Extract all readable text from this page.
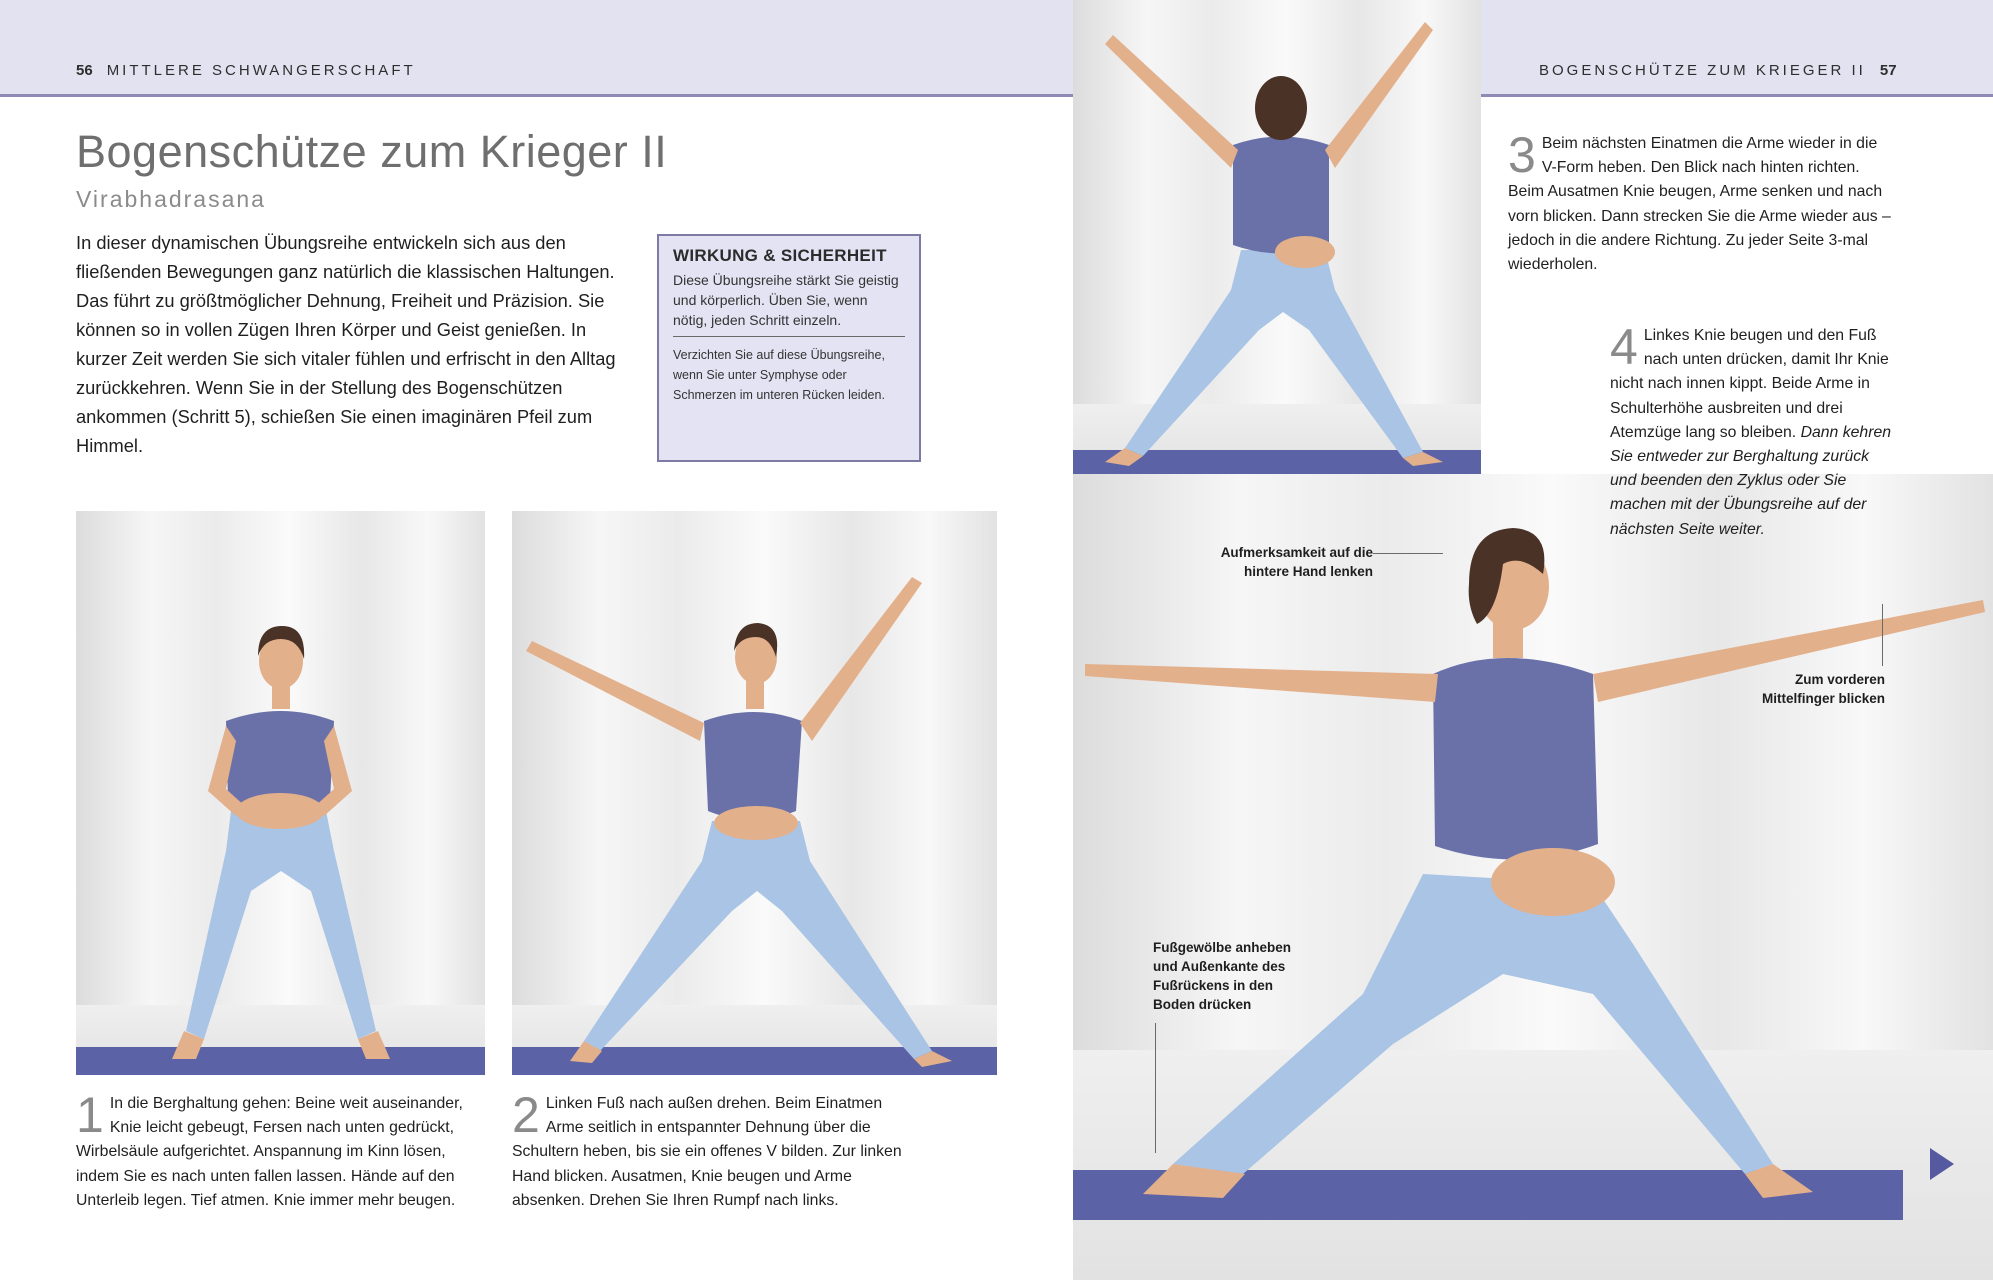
56 MITTLERE SCHWANGERSCHAFT	BOGENSCHÜTZE ZUM KRIEGER II 57
Bogenschütze zum Krieger II
Virabhadrasana

In dieser dynamischen Übungsreihe entwickeln sich aus den fließenden Bewegungen ganz natürlich die klassischen Haltungen. Das führt zu größtmöglicher Dehnung, Freiheit und Präzision. Sie können so in vollen Zügen Ihren Körper und Geist genießen. In kurzer Zeit werden Sie sich vitaler fühlen und erfrischt in den Alltag zurückkehren. Wenn Sie in der Stellung des Bogenschützen ankommen (Schritt 5), schießen Sie einen imaginären Pfeil zum Himmel.

WIRKUNG & SICHERHEIT

Diese Übungsreihe stärkt Sie geistig und körperlich. Üben Sie, wenn nötig, jeden Schritt einzeln.

Verzichten Sie auf diese Übungsreihe, wenn Sie unter Symphyse oder Schmerzen im unteren Rücken leiden.

Aufmerksamkeit auf die hintere Hand lenken
Zum vorderen Mittelfinger blicken
Fußgewölbe anheben und Außenkante des Fußrückens in den Boden drücken

1 In die Berghaltung gehen: Beine weit auseinander, Knie leicht gebeugt, Fersen nach unten gedrückt, Wirbelsäule aufgerichtet. Anspannung im Kinn lösen, indem Sie es nach unten fallen lassen. Hände auf den Unterleib legen. Tief atmen. Knie immer mehr beugen.

2 Linken Fuß nach außen drehen. Beim Einatmen Arme seitlich in entspannter Dehnung über die Schultern heben, bis sie ein offenes V bilden. Zur linken Hand blicken. Ausatmen, Knie beugen und Arme absenken. Drehen Sie Ihren Rumpf nach links.

3 Beim nächsten Einatmen die Arme wieder in die V-Form heben. Den Blick nach hinten richten. Beim Ausatmen Knie beugen, Arme senken und nach vorn blicken. Dann strecken Sie die Arme wieder aus – jedoch in die andere Richtung. Zu jeder Seite 3-mal wiederholen.

4 Linkes Knie beugen und den Fuß nach unten drücken, damit Ihr Knie nicht nach innen kippt. Beide Arme in Schulterhöhe ausbreiten und drei Atemzüge lang so bleiben. Dann kehren Sie entweder zur Berghaltung zurück und beenden den Zyklus oder Sie machen mit der Übungsreihe auf der nächsten Seite weiter.
